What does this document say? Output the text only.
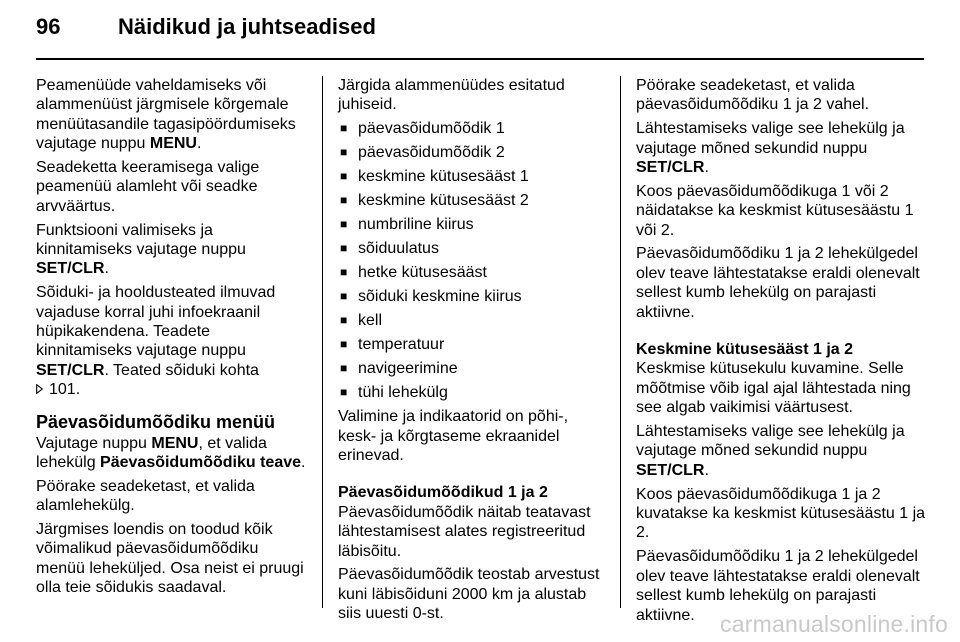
96	Näidikud ja juhtseadised

Peamenüüde vaheldamiseks või alammenüüst järgmisele kõrgemale menüütasandile tagasipöördumiseks vajutage nuppu MENU.

Seadeketta keeramisega valige peamenüü alamleht või seadke arvväärtus.

Funktsiooni valimiseks ja kinnitamiseks vajutage nuppu SET/CLR.

Sõiduki- ja hooldusteated ilmuvad vajaduse korral juhi infoekraanil hüpikakendena. Teadete kinnitamiseks vajutage nuppu SET/CLR. Teated sõiduki kohta
101.

Päevasõidumõõdiku menüü

Vajutage nuppu MENU, et valida lehekülg Päevasõidumõõdiku teave.

Pöörake seadeketast, et valida alamlehekülg.

Järgmises loendis on toodud kõik võimalikud päevasõidumõõdiku menüü leheküljed. Osa neist ei pruugi olla teie sõidukis saadaval.

Järgida alammenüüdes esitatud juhiseid.

■ päevasõidumõõdik 1
■ päevasõidumõõdik 2
■ keskmine kütusesääst 1
■ keskmine kütusesääst 2
■ numbriline kiirus
■ sõiduulatus
■ hetke kütusesääst
■ sõiduki keskmine kiirus
■ kell
■ temperatuur
■ navigeerimine
■ tühi lehekülg

Valimine ja indikaatorid on põhi-, kesk- ja kõrgtaseme ekraanidel erinevad.

Päevasõidumõõdikud 1 ja 2

Päevasõidumõõdik näitab teatavast lähtestamisest alates registreeritud läbisõitu.

Päevasõidumõõdik teostab arvestust kuni läbisõiduni 2000 km ja alustab siis uuesti 0-st.

Pöörake seadeketast, et valida päevasõidumõõdiku 1 ja 2 vahel.

Lähtestamiseks valige see lehekülg ja vajutage mõned sekundid nuppu SET/CLR.

Koos päevasõidumõõdikuga 1 või 2 näidatakse ka keskmist kütusesäästu 1 või 2.

Päevasõidumõõdiku 1 ja 2 lehekülgedel olev teave lähtestatakse eraldi olenevalt sellest kumb lehekülg on parajasti aktiivne.

Keskmine kütusesääst 1 ja 2

Keskmise kütusekulu kuvamine. Selle mõõtmise võib igal ajal lähtestada ning see algab vaikimisi väärtusest.

Lähtestamiseks valige see lehekülg ja vajutage mõned sekundid nuppu SET/CLR.

Koos päevasõidumõõdikuga 1 ja 2 kuvatakse ka keskmist kütusesäästu 1 ja 2.

Päevasõidumõõdiku 1 ja 2 lehekülgedel olev teave lähtestatakse eraldi olenevalt sellest kumb lehekülg on parajasti aktiivne.	carmanualsonline.info
